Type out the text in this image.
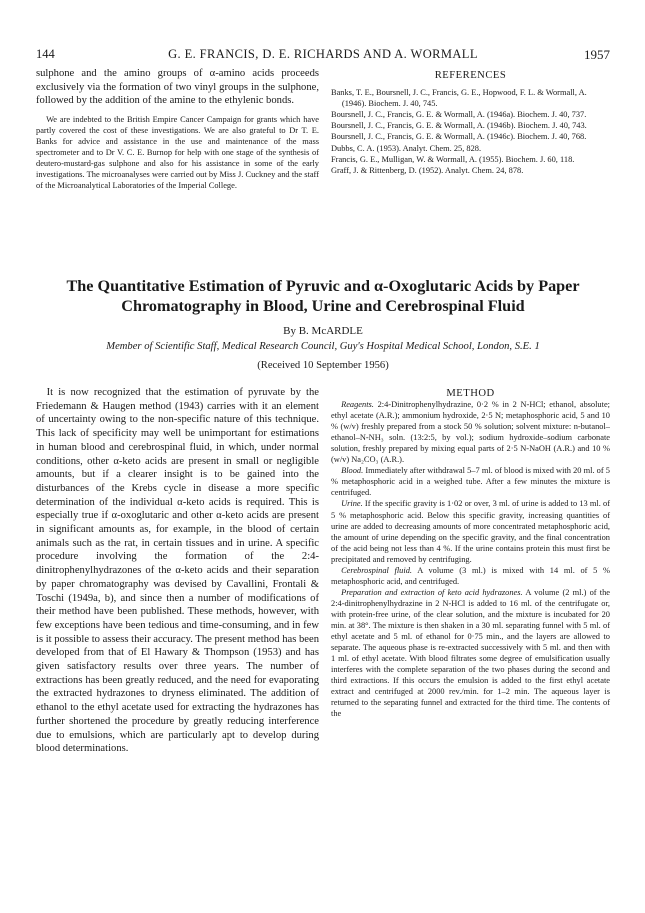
144	G. E. FRANCIS, D. E. RICHARDS AND A. WORMALL	1957

sulphone and the amino groups of α-amino acids proceeds exclusively via the formation of two vinyl groups in the sulphone, followed by the addition of the amine to the ethylenic bonds.

We are indebted to the British Empire Cancer Campaign for grants which have partly covered the cost of these investigations. We are also grateful to Dr T. E. Banks for advice and assistance in the use and maintenance of the mass spectrometer and to Dr V. C. E. Burnop for help with one stage of the synthesis of deutero-mustard-gas sulphone and also for his assistance in some of the early investigations. The microanalyses were carried out by Miss J. Cuckney and the staff of the Microanalytical Laboratories of the Imperial College.

REFERENCES

Banks, T. E., Boursnell, J. C., Francis, G. E., Hopwood, F. L. & Wormall, A. (1946). Biochem. J. 40, 745.

Boursnell, J. C., Francis, G. E. & Wormall, A. (1946a). Biochem. J. 40, 737.

Boursnell, J. C., Francis, G. E. & Wormall, A. (1946b). Biochem. J. 40, 743.

Boursnell, J. C., Francis, G. E. & Wormall, A. (1946c). Biochem. J. 40, 768.

Dubbs, C. A. (1953). Analyt. Chem. 25, 828.

Francis, G. E., Mulligan, W. & Wormall, A. (1955). Biochem. J. 60, 118.

Graff, J. & Rittenberg, D. (1952). Analyt. Chem. 24, 878.

The Quantitative Estimation of Pyruvic and α-Oxoglutaric Acids by Paper Chromatography in Blood, Urine and Cerebrospinal Fluid
By B. McARDLE
Member of Scientific Staff, Medical Research Council, Guy's Hospital Medical School, London, S.E. 1
(Received 10 September 1956)

It is now recognized that the estimation of pyruvate by the Friedemann & Haugen method (1943) carries with it an element of uncertainty owing to the non-specific nature of this technique. This lack of specificity may well be unimportant for estimations in human blood and cerebrospinal fluid, in which, under normal conditions, other α-keto acids are present in small or negligible amounts, but if a clearer insight is to be gained into the disturbances of the Krebs cycle in disease a more specific determination of the individual α-keto acids is required. This is especially true if α-oxoglutaric and other α-keto acids are present in significant amounts as, for example, in the blood of certain animals such as the rat, in certain tissues and in urine. A specific procedure involving the formation of the 2:4-dinitrophenylhydrazones of the α-keto acids and their separation by paper chromatography was devised by Cavallini, Frontali & Toschi (1949a, b), and since then a number of modifications of their method have been published. These methods, however, with few exceptions have been tedious and time-consuming, and in few is it possible to assess their accuracy. The present method has been developed from that of El Hawary & Thompson (1953) and has given satisfactory results over three years. The number of extractions has been greatly reduced, and the need for evaporating the extracted hydrazones to dryness eliminated. The addition of ethanol to the ethyl acetate used for extracting the hydrazones has further shortened the procedure by greatly reducing interference due to emulsions, which are particularly apt to develop during blood determinations.

METHOD

Reagents. 2:4-Dinitrophenylhydrazine, 0·2 % in 2 N-HCl; ethanol, absolute; ethyl acetate (A.R.); ammonium hydroxide, 2·5 N; metaphosphoric acid, 5 and 10 % (w/v) freshly prepared from a stock 50 % solution; solvent mixture: n-butanol–ethanol–N-NH₃ soln. (13:2:5, by vol.); sodium hydroxide–sodium carbonate solution, freshly prepared by mixing equal parts of 2·5 N-NaOH (A.R.) and 10 % (w/v) Na₂CO₃ (A.R.).

Blood. Immediately after withdrawal 5–7 ml. of blood is mixed with 20 ml. of 5 % metaphosphoric acid in a weighed tube. After a few minutes the mixture is centrifuged.

Urine. If the specific gravity is 1·02 or over, 3 ml. of urine is added to 13 ml. of 5 % metaphosphoric acid. Below this specific gravity, increasing quantities of urine are added to decreasing amounts of more concentrated metaphosphoric acid, the amount of urine depending on the specific gravity, and the final concentration of the acid being not less than 4 %. If the urine contains protein this must first be precipitated and removed by centrifuging.

Cerebrospinal fluid. A volume (3 ml.) is mixed with 14 ml. of 5 % metaphosphoric acid, and centrifuged.

Preparation and extraction of keto acid hydrazones. A volume (2 ml.) of the 2:4-dinitrophenylhydrazine in 2 N-HCl is added to 16 ml. of the centrifugate or, with protein-free urine, of the clear solution, and the mixture is incubated for 20 min. at 38°. The mixture is then shaken in a 30 ml. separating funnel with 5 ml. of ethyl acetate and 5 ml. of ethanol for 0·75 min., and the layers are allowed to separate. The aqueous phase is re-extracted successively with 5 ml. and then with 1 ml. of ethyl acetate. With blood filtrates some degree of emulsification usually interferes with the complete separation of the two phases during the second and third extractions. If this occurs the emulsion is added to the first ethyl acetate extract and centrifuged at 2000 rev./min. for 1–2 min. The aqueous layer is returned to the separating funnel and extracted for the third time. The contents of the
